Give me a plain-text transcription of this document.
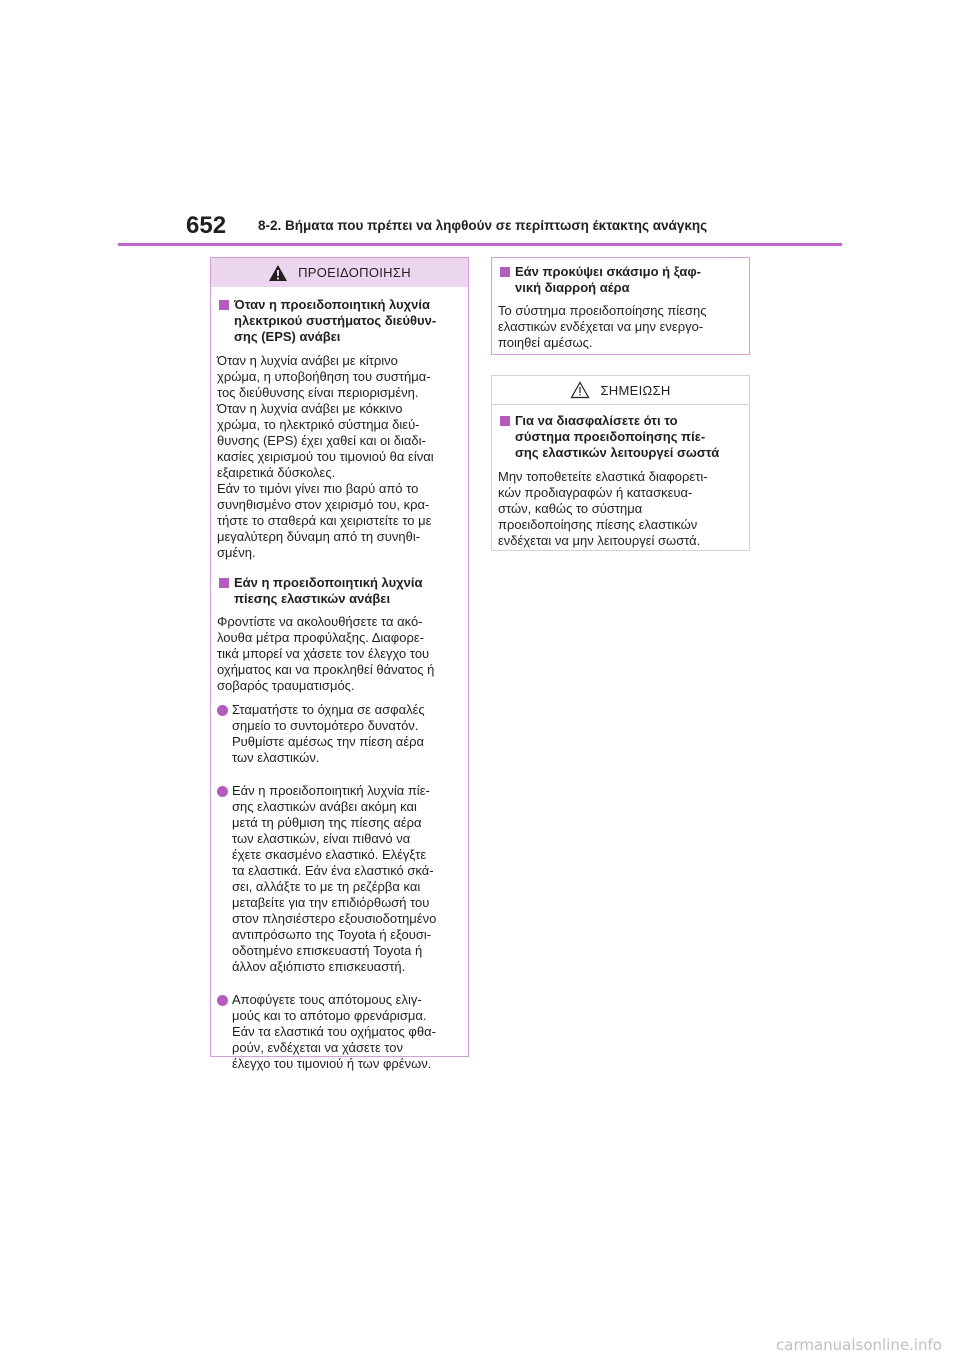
652 8-2. Βήματα που πρέπει να ληφθούν σε περίπτωση έκτακτης ανάγκης
ΠΡΟΕΙΔΟΠΟΙΗΣΗ
Όταν η προειδοποιητική λυχνία
ηλεκτρικού συστήματος διεύθυν-
σης (EPS) ανάβει
Όταν η λυχνία ανάβει με κίτρινο
χρώμα, η υποβοήθηση του συστήμα-
τος διεύθυνσης είναι περιορισμένη.
Όταν η λυχνία ανάβει με κόκκινο
χρώμα, το ηλεκτρικό σύστημα διεύ-
θυνσης (EPS) έχει χαθεί και οι διαδι-
κασίες χειρισμού του τιμονιού θα είναι
εξαιρετικά δύσκολες.
Εάν το τιμόνι γίνει πιο βαρύ από το
συνηθισμένο στον χειρισμό του, κρα-
τήστε το σταθερά και χειριστείτε το με
μεγαλύτερη δύναμη από τη συνηθι-
σμένη.
Εάν η προειδοποιητική λυχνία
πίεσης ελαστικών ανάβει
Φροντίστε να ακολουθήσετε τα ακό-
λουθα μέτρα προφύλαξης. Διαφορε-
τικά μπορεί να χάσετε τον έλεγχο του
οχήματος και να προκληθεί θάνατος ή
σοβαρός τραυματισμός.
Σταματήστε το όχημα σε ασφαλές
σημείο το συντομότερο δυνατόν.
Ρυθμίστε αμέσως την πίεση αέρα
των ελαστικών.
Εάν η προειδοποιητική λυχνία πίε-
σης ελαστικών ανάβει ακόμη και
μετά τη ρύθμιση της πίεσης αέρα
των ελαστικών, είναι πιθανό να
έχετε σκασμένο ελαστικό. Ελέγξτε
τα ελαστικά. Εάν ένα ελαστικό σκά-
σει, αλλάξτε το με τη ρεζέρβα και
μεταβείτε για την επιδιόρθωσή του
στον πλησιέστερο εξουσιοδοτημένο
αντιπρόσωπο της Toyota ή εξουσι-
οδοτημένο επισκευαστή Toyota ή
άλλον αξιόπιστο επισκευαστή.
Αποφύγετε τους απότομους ελιγ-
μούς και το απότομο φρενάρισμα.
Εάν τα ελαστικά του οχήματος φθα-
ρούν, ενδέχεται να χάσετε τον
έλεγχο του τιμονιού ή των φρένων.
Εάν προκύψει σκάσιμο ή ξαφ-
νική διαρροή αέρα
Το σύστημα προειδοποίησης πίεσης
ελαστικών ενδέχεται να μην ενεργο-
ποιηθεί αμέσως.
ΣΗΜΕΙΩΣΗ
Για να διασφαλίσετε ότι το
σύστημα προειδοποίησης πίε-
σης ελαστικών λειτουργεί σωστά
Μην τοποθετείτε ελαστικά διαφορετι-
κών προδιαγραφών ή κατασκευα-
στών, καθώς το σύστημα
προειδοποίησης πίεσης ελαστικών
ενδέχεται να μην λειτουργεί σωστά.
carmanualsonline.info
